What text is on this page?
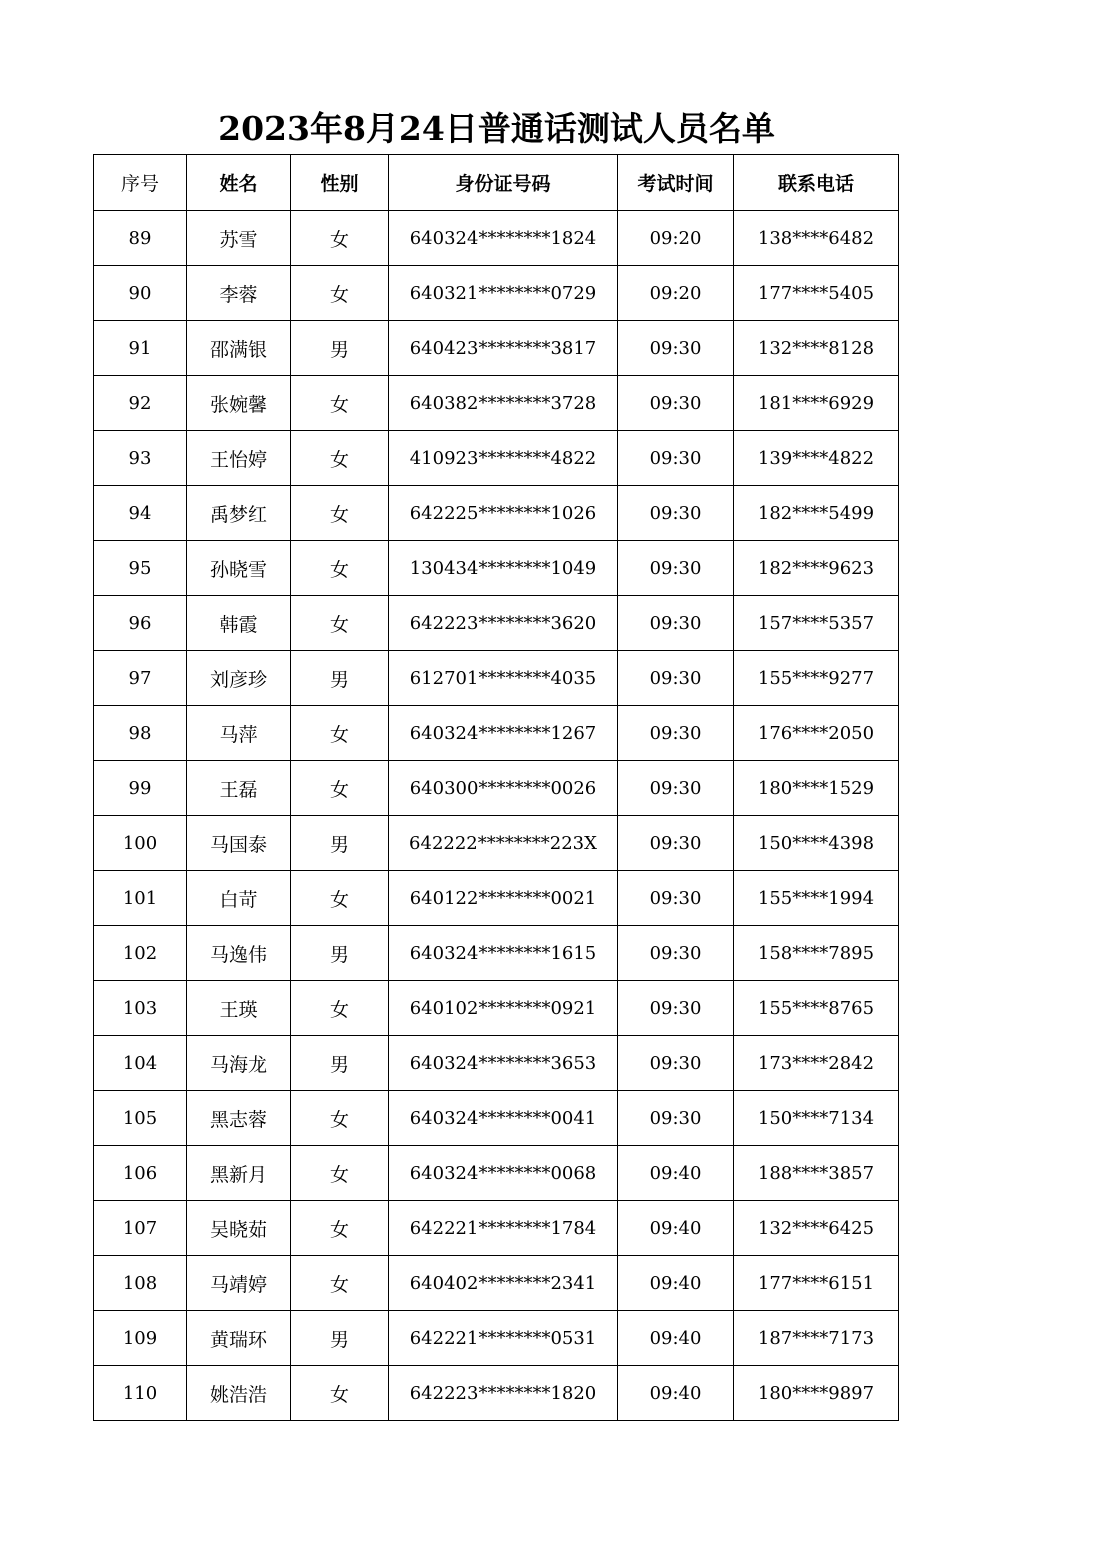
2023年8月24日普通话测试人员名单
序号	姓名	性别	身份证号码	考试时间	联系电话
89	苏雪	女	640324********1824	09:20	138****6482
90	李蓉	女	640321********0729	09:20	177****5405
91	邵满银	男	640423********3817	09:30	132****8128
92	张婉馨	女	640382********3728	09:30	181****6929
93	王怡婷	女	410923********4822	09:30	139****4822
94	禹梦红	女	642225********1026	09:30	182****5499
95	孙晓雪	女	130434********1049	09:30	182****9623
96	韩霞	女	642223********3620	09:30	157****5357
97	刘彦珍	男	612701********4035	09:30	155****9277
98	马萍	女	640324********1267	09:30	176****2050
99	王磊	女	640300********0026	09:30	180****1529
100	马国泰	男	642222********223X	09:30	150****4398
101	白苛	女	640122********0021	09:30	155****1994
102	马逸伟	男	640324********1615	09:30	158****7895
103	王瑛	女	640102********0921	09:30	155****8765
104	马海龙	男	640324********3653	09:30	173****2842
105	黑志蓉	女	640324********0041	09:30	150****7134
106	黑新月	女	640324********0068	09:40	188****3857
107	吴晓茹	女	642221********1784	09:40	132****6425
108	马靖婷	女	640402********2341	09:40	177****6151
109	黄瑞环	男	642221********0531	09:40	187****7173
110	姚浩浩	女	642223********1820	09:40	180****9897
